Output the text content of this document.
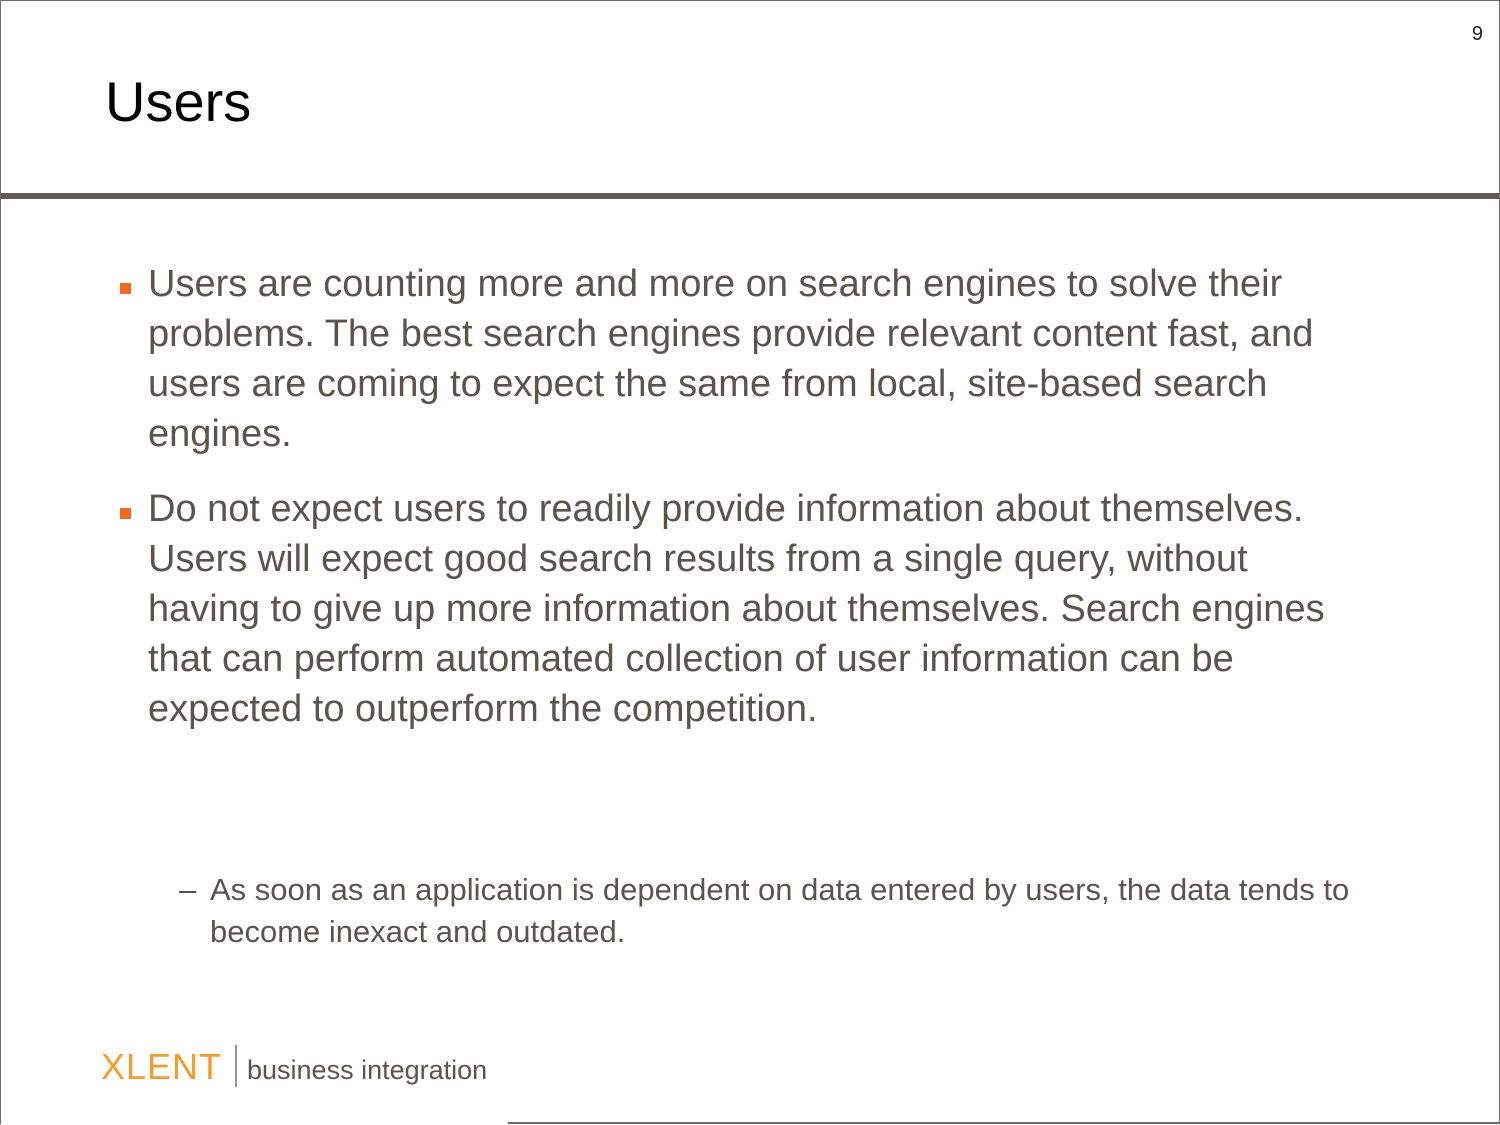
9
Users
Users are counting more and more on search engines to solve their problems. The best search engines provide relevant content fast, and users are coming to expect the same from local, site-based search engines.
Do not expect users to readily provide information about themselves. Users will expect good search results from a single query, without having to give up more information about themselves. Search engines that can perform automated collection of user information can be expected to outperform the competition.
– As soon as an application is dependent on data entered by users, the data tends to become inexact and outdated.
XLENT business integration
